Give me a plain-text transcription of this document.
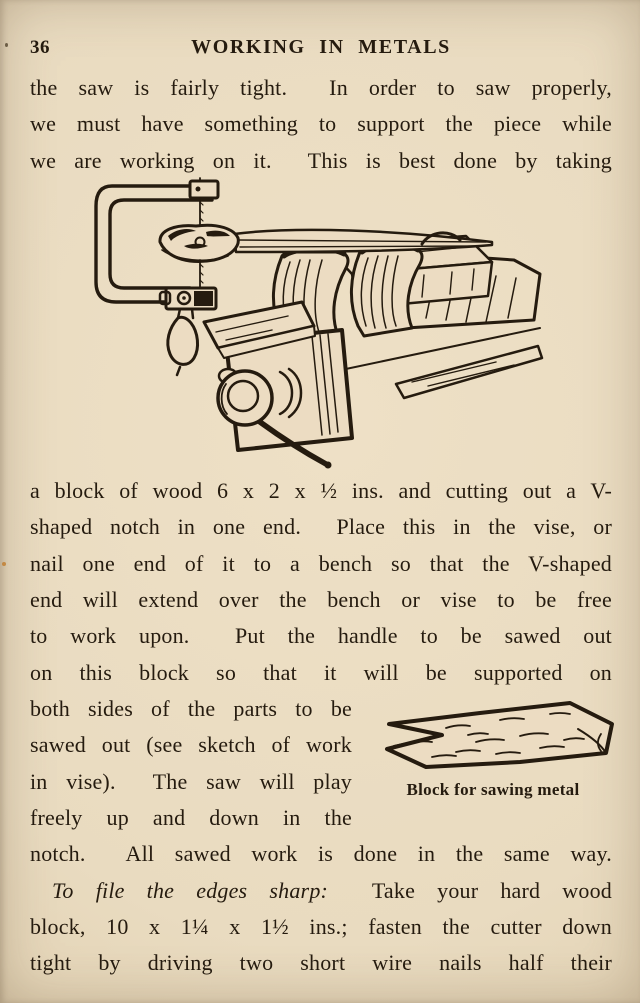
36	WORKING IN METALS
the saw is fairly tight.  In order to saw properly,
we must have something to support the piece while
we are working on it.  This is best done by taking
a block of wood 6 x 2 x ½ ins. and cutting out a V-
shaped notch in one end.  Place this in the vise, or
nail one end of it to a bench so that the V-shaped
end will extend over the bench or vise to be free
to work upon.  Put the handle to be sawed out
on this block so that it will be supported on
both sides of the parts to be
sawed out (see sketch of work
in vise).  The saw will play
freely up and down in the
notch.  All sawed work is done in the same way.
To file the edges sharp:  Take your hard wood
block, 10 x 1¼ x 1½ ins.; fasten the cutter down
tight by driving two short wire nails half their
Block for sawing metal
